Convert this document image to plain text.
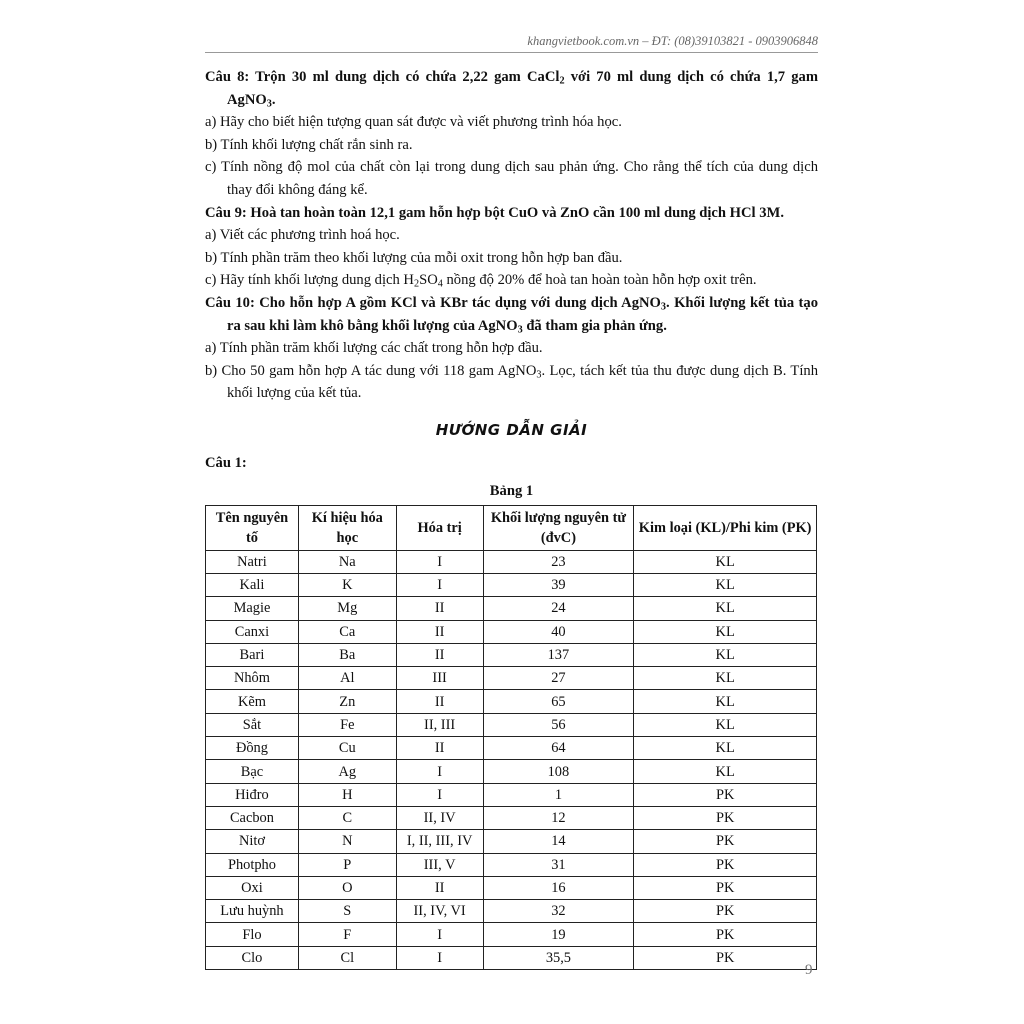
khangvietbook.com.vn – ĐT: (08)39103821 - 0903906848

Câu 8: Trộn 30 ml dung dịch có chứa 2,22 gam CaCl$_2$ với 70 ml dung dịch có chứa 1,7 gam AgNO$_3$.

a) Hãy cho biết hiện tượng quan sát được và viết phương trình hóa học.

b) Tính khối lượng chất rắn sinh ra.

c) Tính nồng độ mol của chất còn lại trong dung dịch sau phản ứng. Cho rằng thể tích của dung dịch thay đổi không đáng kể.

Câu 9: Hoà tan hoàn toàn 12,1 gam hỗn hợp bột CuO và ZnO cần 100 ml dung dịch HCl 3M.

a) Viết các phương trình hoá học.

b) Tính phần trăm theo khối lượng của mỗi oxit trong hỗn hợp ban đầu.

c) Hãy tính khối lượng dung dịch $H_2SO_4$ nồng độ 20% để hoà tan hoàn toàn hỗn hợp oxit trên.

Câu 10: Cho hỗn hợp A gồm KCl và KBr tác dụng với dung dịch AgNO$_3$. Khối lượng kết tủa tạo ra sau khi làm khô bằng khối lượng của AgNO$_3$ đã tham gia phản ứng.

a) Tính phần trăm khối lượng các chất trong hỗn hợp đầu.

b) Cho 50 gam hỗn hợp A tác dung với 118 gam AgNO$_3$. Lọc, tách kết tủa thu được dung dịch B. Tính khối lượng của kết tủa.

HƯỚNG DẪN GIẢI
Câu 1:
Bảng 1
Tên nguyên tố	Kí hiệu hóa học	Hóa trị	Khối lượng nguyên tử (đvC)	Kim loại (KL)/Phi kim (PK)
Natri	Na	I	23	KL
Kali	K	I	39	KL
Magie	Mg	II	24	KL
Canxi	Ca	II	40	KL
Bari	Ba	II	137	KL
Nhôm	Al	III	27	KL
Kẽm	Zn	II	65	KL
Sắt	Fe	II, III	56	KL
Đồng	Cu	II	64	KL
Bạc	Ag	I	108	KL
Hiđro	H	I	1	PK
Cacbon	C	II, IV	12	PK
Nitơ	N	I, II, III, IV	14	PK
Photpho	P	III, V	31	PK
Oxi	O	II	16	PK
Lưu huỳnh	S	II, IV, VI	32	PK
Flo	F	I	19	PK
Clo	Cl	I	35,5	PK
9
